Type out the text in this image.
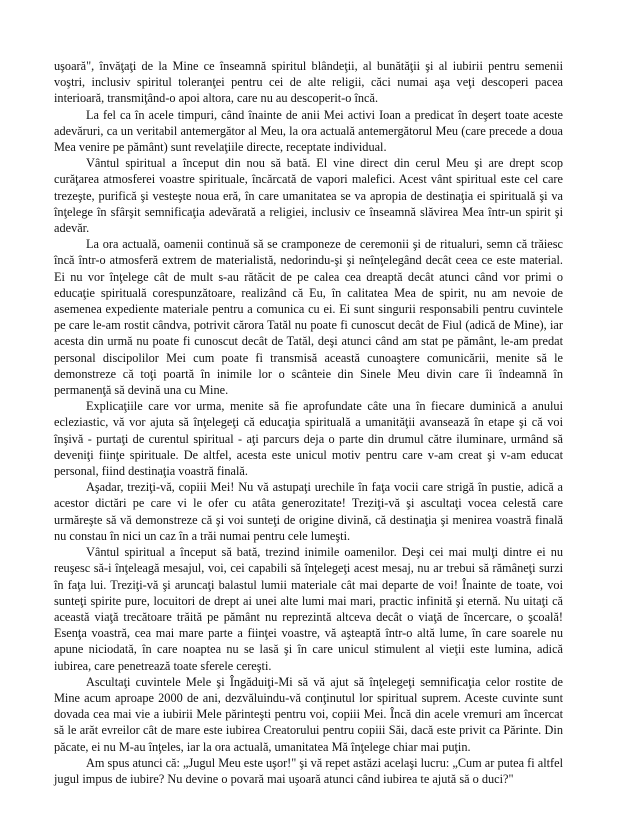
uşoară", învăţaţi de la Mine ce înseamnă spiritul blândeţii, al bunătăţii şi al iubirii pentru semenii voştri, inclusiv spiritul toleranţei pentru cei de alte religii, căci numai aşa veţi descoperi pacea interioară, transmiţând-o apoi altora, care nu au descoperit-o încă.

La fel ca în acele timpuri, când înainte de anii Mei activi Ioan a predicat în deşert toate aceste adevăruri, ca un veritabil antemergător al Meu, la ora actuală antemergătorul Meu (care precede a doua Mea venire pe pământ) sunt revelaţiile directe, receptate individual.

Vântul spiritual a început din nou să bată. El vine direct din cerul Meu şi are drept scop curăţarea atmosferei voastre spirituale, încărcată de vapori malefici. Acest vânt spiritual este cel care trezeşte, purifică şi vesteşte noua eră, în care umanitatea se va apropia de destinaţia ei spirituală şi va înţelege în sfârşit semnificaţia adevărată a religiei, inclusiv ce înseamnă slăvirea Mea într-un spirit şi adevăr.

La ora actuală, oamenii continuă să se cramponeze de ceremonii şi de ritualuri, semn că trăiesc încă într-o atmosferă extrem de materialistă, nedorindu-şi şi neînţelegând decât ceea ce este material. Ei nu vor înţelege cât de mult s-au rătăcit de pe calea cea dreaptă decât atunci când vor primi o educaţie spirituală corespunzătoare, realizând că Eu, în calitatea Mea de spirit, nu am nevoie de asemenea expediente materiale pentru a comunica cu ei. Ei sunt singurii responsabili pentru cuvintele pe care le-am rostit cândva, potrivit cărora Tatăl nu poate fi cunoscut decât de Fiul (adică de Mine), iar acesta din urmă nu poate fi cunoscut decât de Tatăl, deşi atunci când am stat pe pământ, le-am predat personal discipolilor Mei cum poate fi transmisă această cunoaştere comunicării, menite să le demonstreze că toţi poartă în inimile lor o scânteie din Sinele Meu divin care îi îndeamnă în permanenţă să devină una cu Mine.

Explicaţiile care vor urma, menite să fie aprofundate câte una în fiecare duminică a anului ecleziastic, vă vor ajuta să înţelegeţi că educaţia spirituală a umanităţii avansează în etape şi că voi înşivă - purtaţi de curentul spiritual - aţi parcurs deja o parte din drumul către iluminare, urmând să deveniţi fiinţe spirituale. De altfel, acesta este unicul motiv pentru care v-am creat şi v-am educat personal, fiind destinaţia voastră finală.

Aşadar, treziţi-vă, copiii Mei! Nu vă astupaţi urechile în faţa vocii care strigă în pustie, adică a acestor dictări pe care vi le ofer cu atâta generozitate! Treziţi-vă şi ascultaţi vocea celestă care urmăreşte să vă demonstreze că şi voi sunteţi de origine divină, că destinaţia şi menirea voastră finală nu constau în nici un caz în a trăi numai pentru cele lumeşti.

Vântul spiritual a început să bată, trezind inimile oamenilor. Deşi cei mai mulţi dintre ei nu reuşesc să-i înţeleagă mesajul, voi, cei capabili să înţelegeţi acest mesaj, nu ar trebui să rămâneţi surzi în faţa lui. Treziţi-vă şi aruncaţi balastul lumii materiale cât mai departe de voi! Înainte de toate, voi sunteţi spirite pure, locuitori de drept ai unei alte lumi mai mari, practic infinită şi eternă. Nu uitaţi că această viaţă trecătoare trăită pe pământ nu reprezintă altceva decât o viaţă de încercare, o şcoală! Esenţa voastră, cea mai mare parte a fiinţei voastre, vă aşteaptă într-o altă lume, în care soarele nu apune niciodată, în care noaptea nu se lasă şi în care unicul stimulent al vieţii este lumina, adică iubirea, care penetrează toate sferele cereşti.

Ascultaţi cuvintele Mele şi Îngăduiţi-Mi să vă ajut să înţelegeţi semnificaţia celor rostite de Mine acum aproape 2000 de ani, dezvăluindu-vă conţinutul lor spiritual suprem. Aceste cuvinte sunt dovada cea mai vie a iubirii Mele părinteşti pentru voi, copiii Mei. Încă din acele vremuri am încercat să le arăt evreilor cât de mare este iubirea Creatorului pentru copiii Săi, dacă este privit ca Părinte. Din păcate, ei nu M-au înţeles, iar la ora actuală, umanitatea Mă înţelege chiar mai puţin.

Am spus atunci că: „Jugul Meu este uşor!" şi vă repet astăzi acelaşi lucru: „Cum ar putea fi altfel jugul impus de iubire? Nu devine o povară mai uşoară atunci când iubirea te ajută să o duci?"
